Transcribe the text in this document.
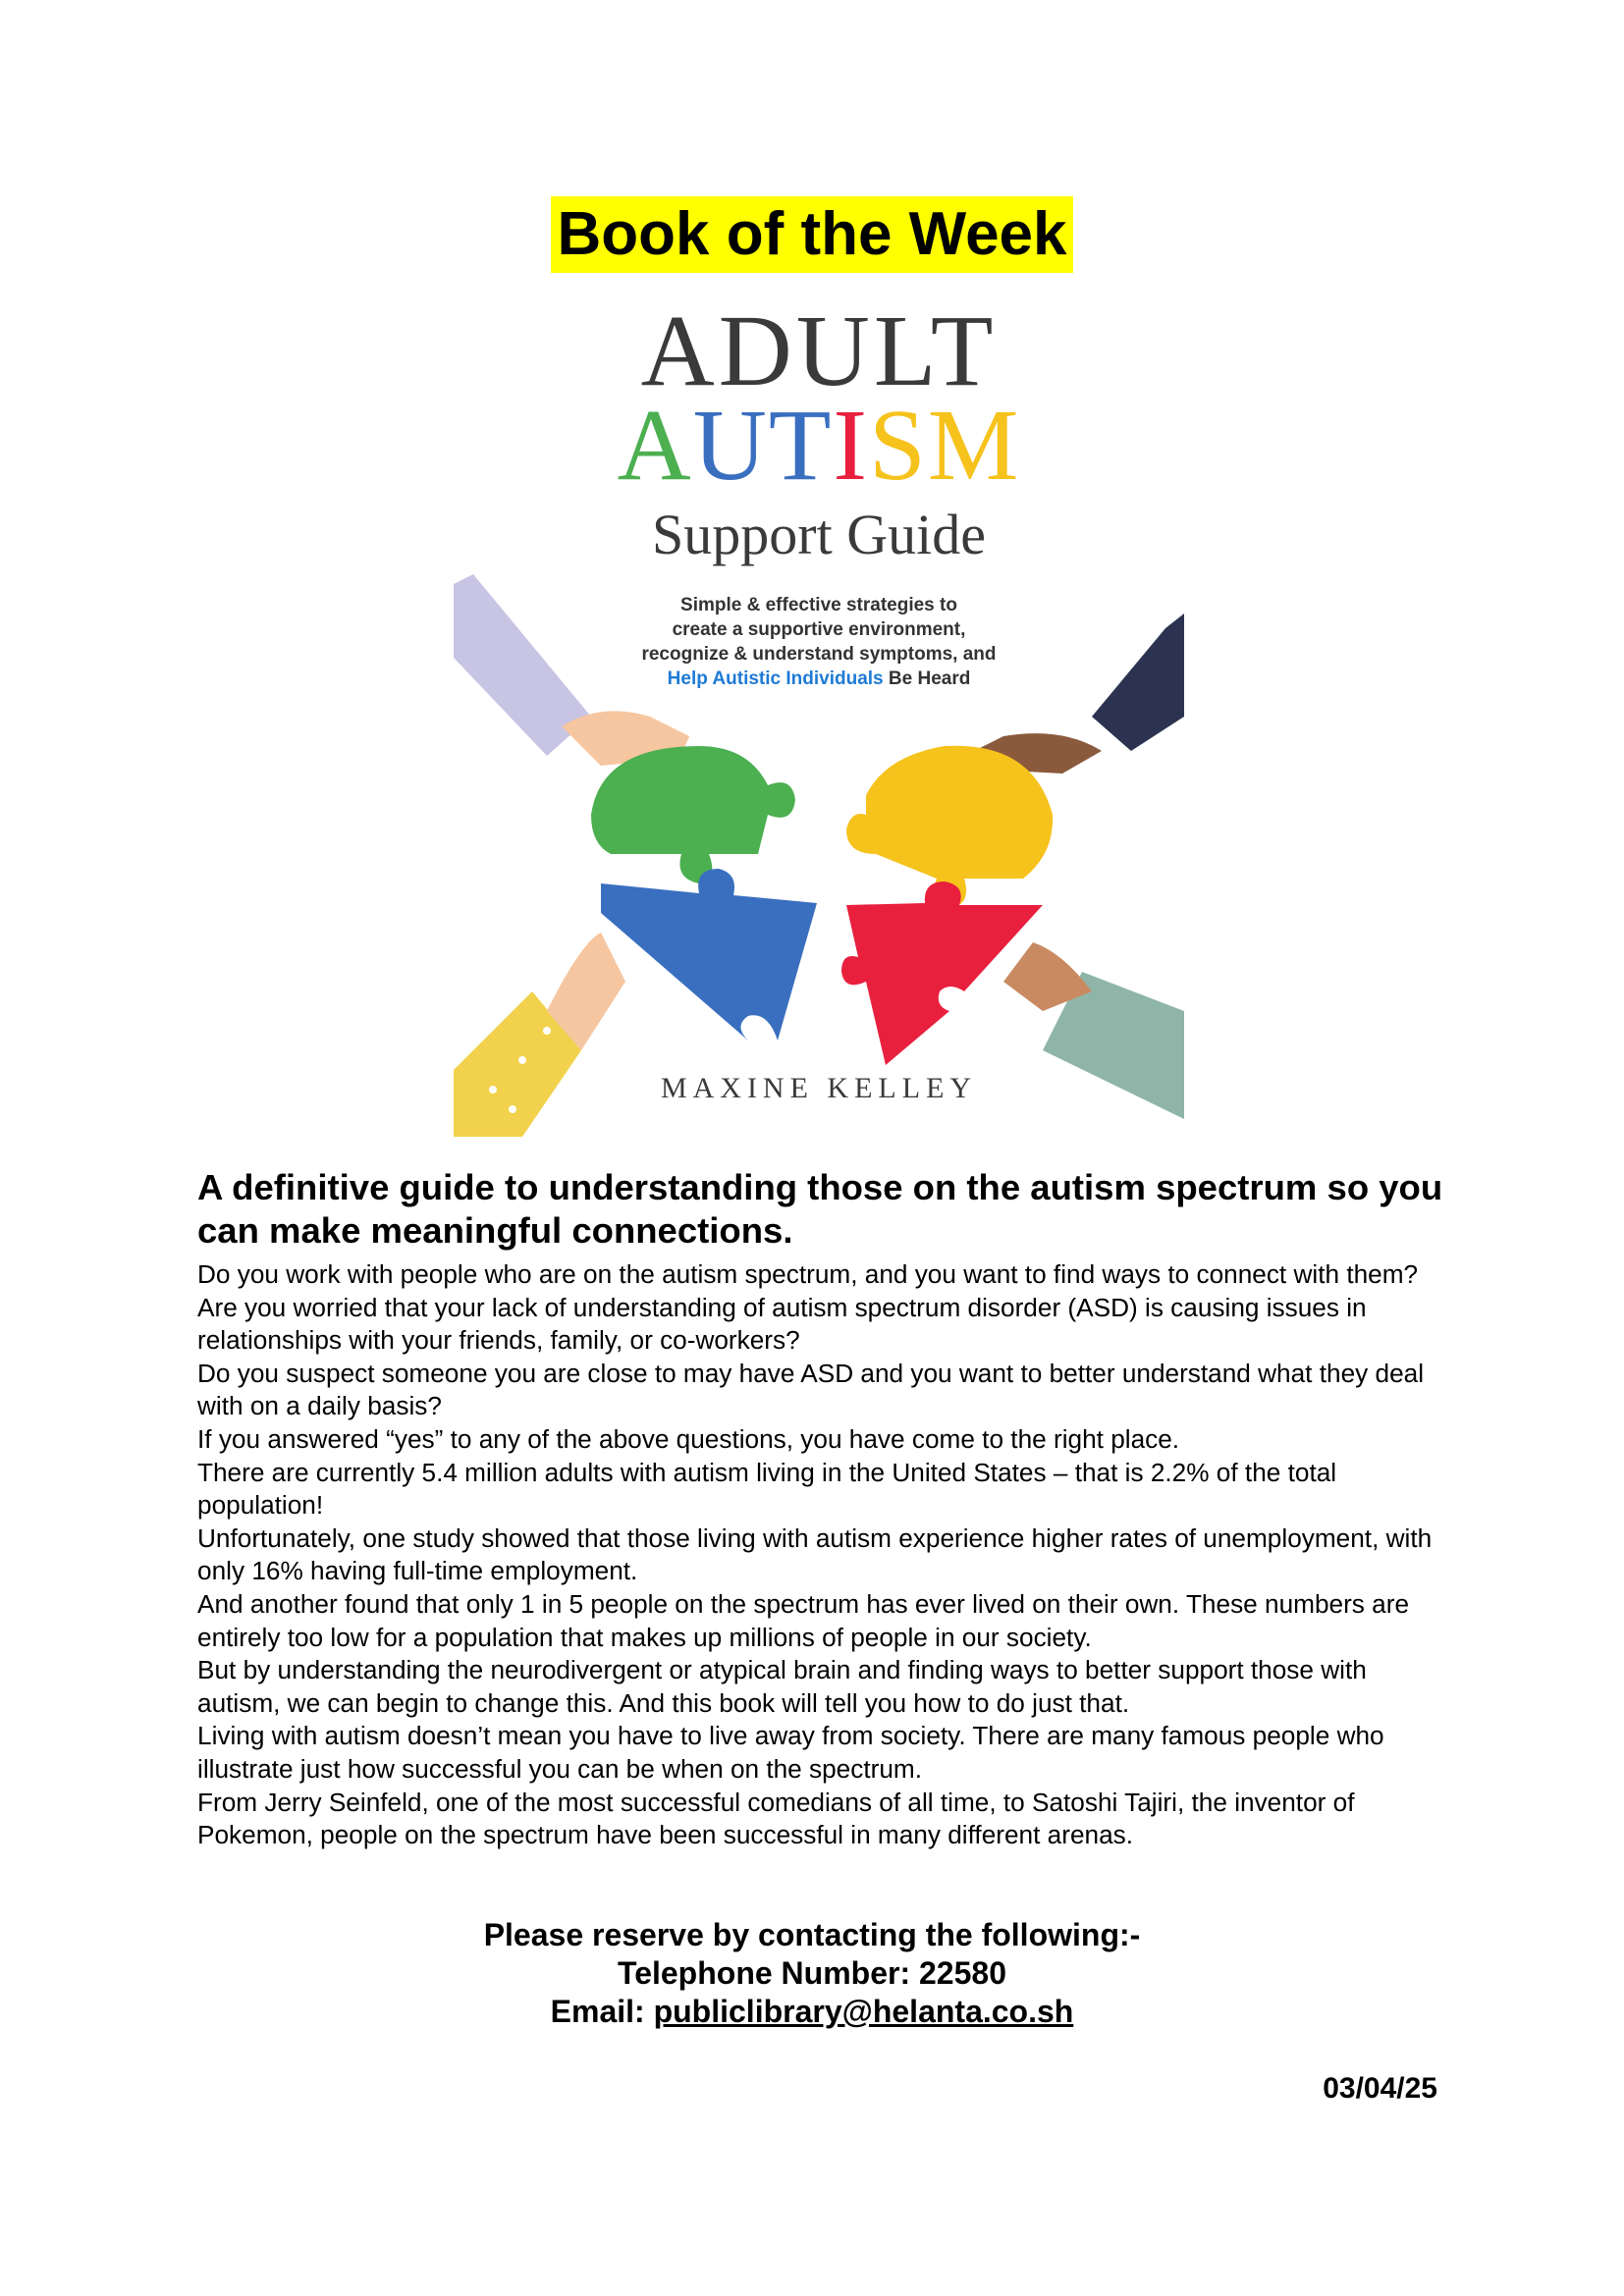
Book of the Week
ADULT
AUTISM
Support Guide
Simple & effective strategies to
create a supportive environment,
recognize & understand symptoms, and
Help Autistic Individuals Be Heard
MAXINE KELLEY
A definitive guide to understanding those on the autism spectrum so you can make meaningful connections.

Do you work with people who are on the autism spectrum, and you want to find ways to connect with them?

Are you worried that your lack of understanding of autism spectrum disorder (ASD) is causing issues in relationships with your friends, family, or co-workers?

Do you suspect someone you are close to may have ASD and you want to better understand what they deal with on a daily basis?

If you answered “yes” to any of the above questions, you have come to the right place.

There are currently 5.4 million adults with autism living in the United States – that is 2.2% of the total population!

Unfortunately, one study showed that those living with autism experience higher rates of unemployment, with only 16% having full-time employment.

And another found that only 1 in 5 people on the spectrum has ever lived on their own. These numbers are entirely too low for a population that makes up millions of people in our society.

But by understanding the neurodivergent or atypical brain and finding ways to better support those with autism, we can begin to change this. And this book will tell you how to do just that.

Living with autism doesn’t mean you have to live away from society. There are many famous people who illustrate just how successful you can be when on the spectrum.

From Jerry Seinfeld, one of the most successful comedians of all time, to Satoshi Tajiri, the inventor of Pokemon, people on the spectrum have been successful in many different arenas.

Please reserve by contacting the following:-
Telephone Number: 22580
Email: publiclibrary@helanta.co.sh
03/04/25
